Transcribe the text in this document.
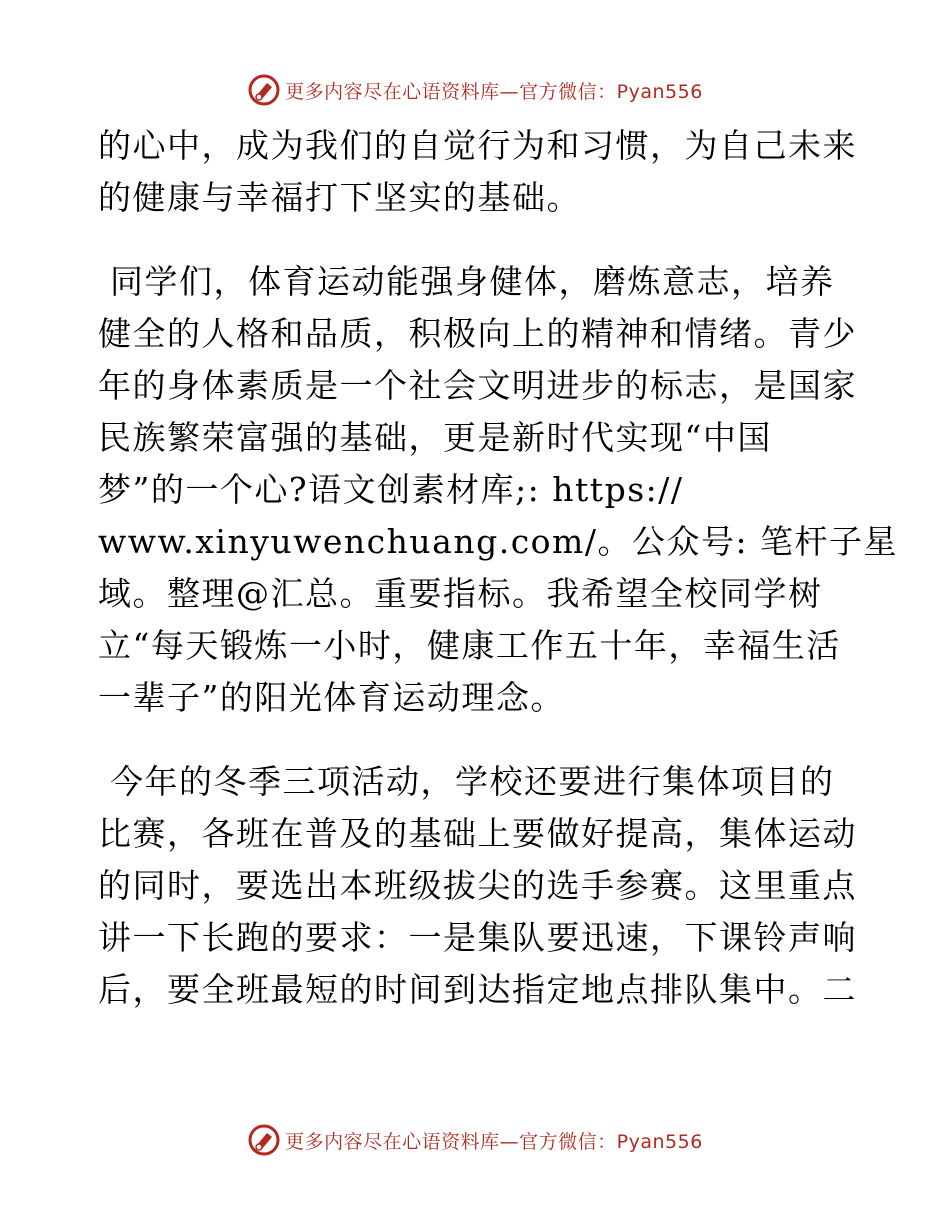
更多内容尽在心语资料库—官方微信：Pyan556
的心中，成为我们的自觉行为和习惯，为自己未来
的健康与幸福打下坚实的基础。
同学们，体育运动能强身健体，磨炼意志，培养
健全的人格和品质，积极向上的精神和情绪。青少
年的身体素质是一个社会文明进步的标志，是国家
民族繁荣富强的基础，更是新时代实现“中国
梦”的一个心?语文创素材库;: https://
www.xinyuwenchuang.com/。公众号: 笔杆子星
域。整理@汇总。重要指标。我希望全校同学树
立“每天锻炼一小时，健康工作五十年，幸福生活
一辈子”的阳光体育运动理念。
今年的冬季三项活动，学校还要进行集体项目的
比赛，各班在普及的基础上要做好提高，集体运动
的同时，要选出本班级拔尖的选手参赛。这里重点
讲一下长跑的要求：一是集队要迅速，下课铃声响
后，要全班最短的时间到达指定地点排队集中。二
更多内容尽在心语资料库—官方微信：Pyan556
